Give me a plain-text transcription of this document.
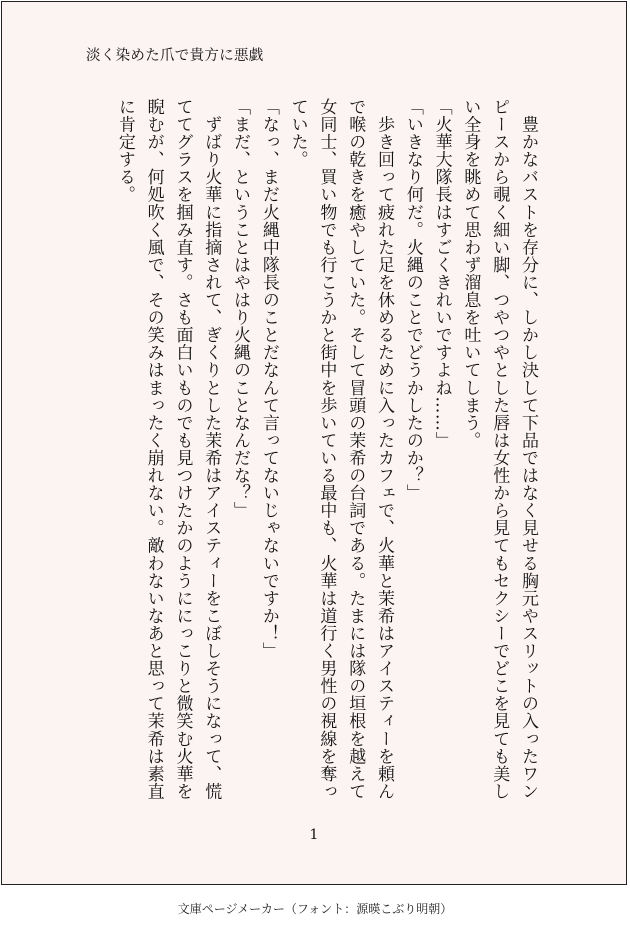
淡く染めた爪で貴方に悪戯

　豊かなバストを存分に、しかし決して下品ではなく見せる胸元やスリットの入ったワンピースから覗く細い脚、つやつやとした唇は女性から見てもセクシーでどこを見ても美しい全身を眺めて思わず溜息を吐いてしまう。

「火華大隊長はすごくきれいですよね……」

「いきなり何だ。火縄のことでどうかしたのか？」

　歩き回って疲れた足を休めるために入ったカフェで、火華と茉希はアイスティーを頼んで喉の乾きを癒やしていた。そして冒頭の茉希の台詞である。たまには隊の垣根を越えて女同士、買い物でも行こうかと街中を歩いている最中も、火華は道行く男性の視線を奪っていた。

「なっ、まだ火縄中隊長のことだなんて言ってないじゃないですか！」

「まだ、ということはやはり火縄のことなんだな？」

　ずばり火華に指摘されて、ぎくりとした茉希はアイスティーをこぼしそうになって、慌ててグラスを掴み直す。さも面白いものでも見つけたかのようににっこりと微笑む火華を睨むが、何処吹く風で、その笑みはまったく崩れない。敵わないなあと思って茉希は素直に肯定する。

1
文庫ページメーカー（フォント：源暎こぶり明朝）
